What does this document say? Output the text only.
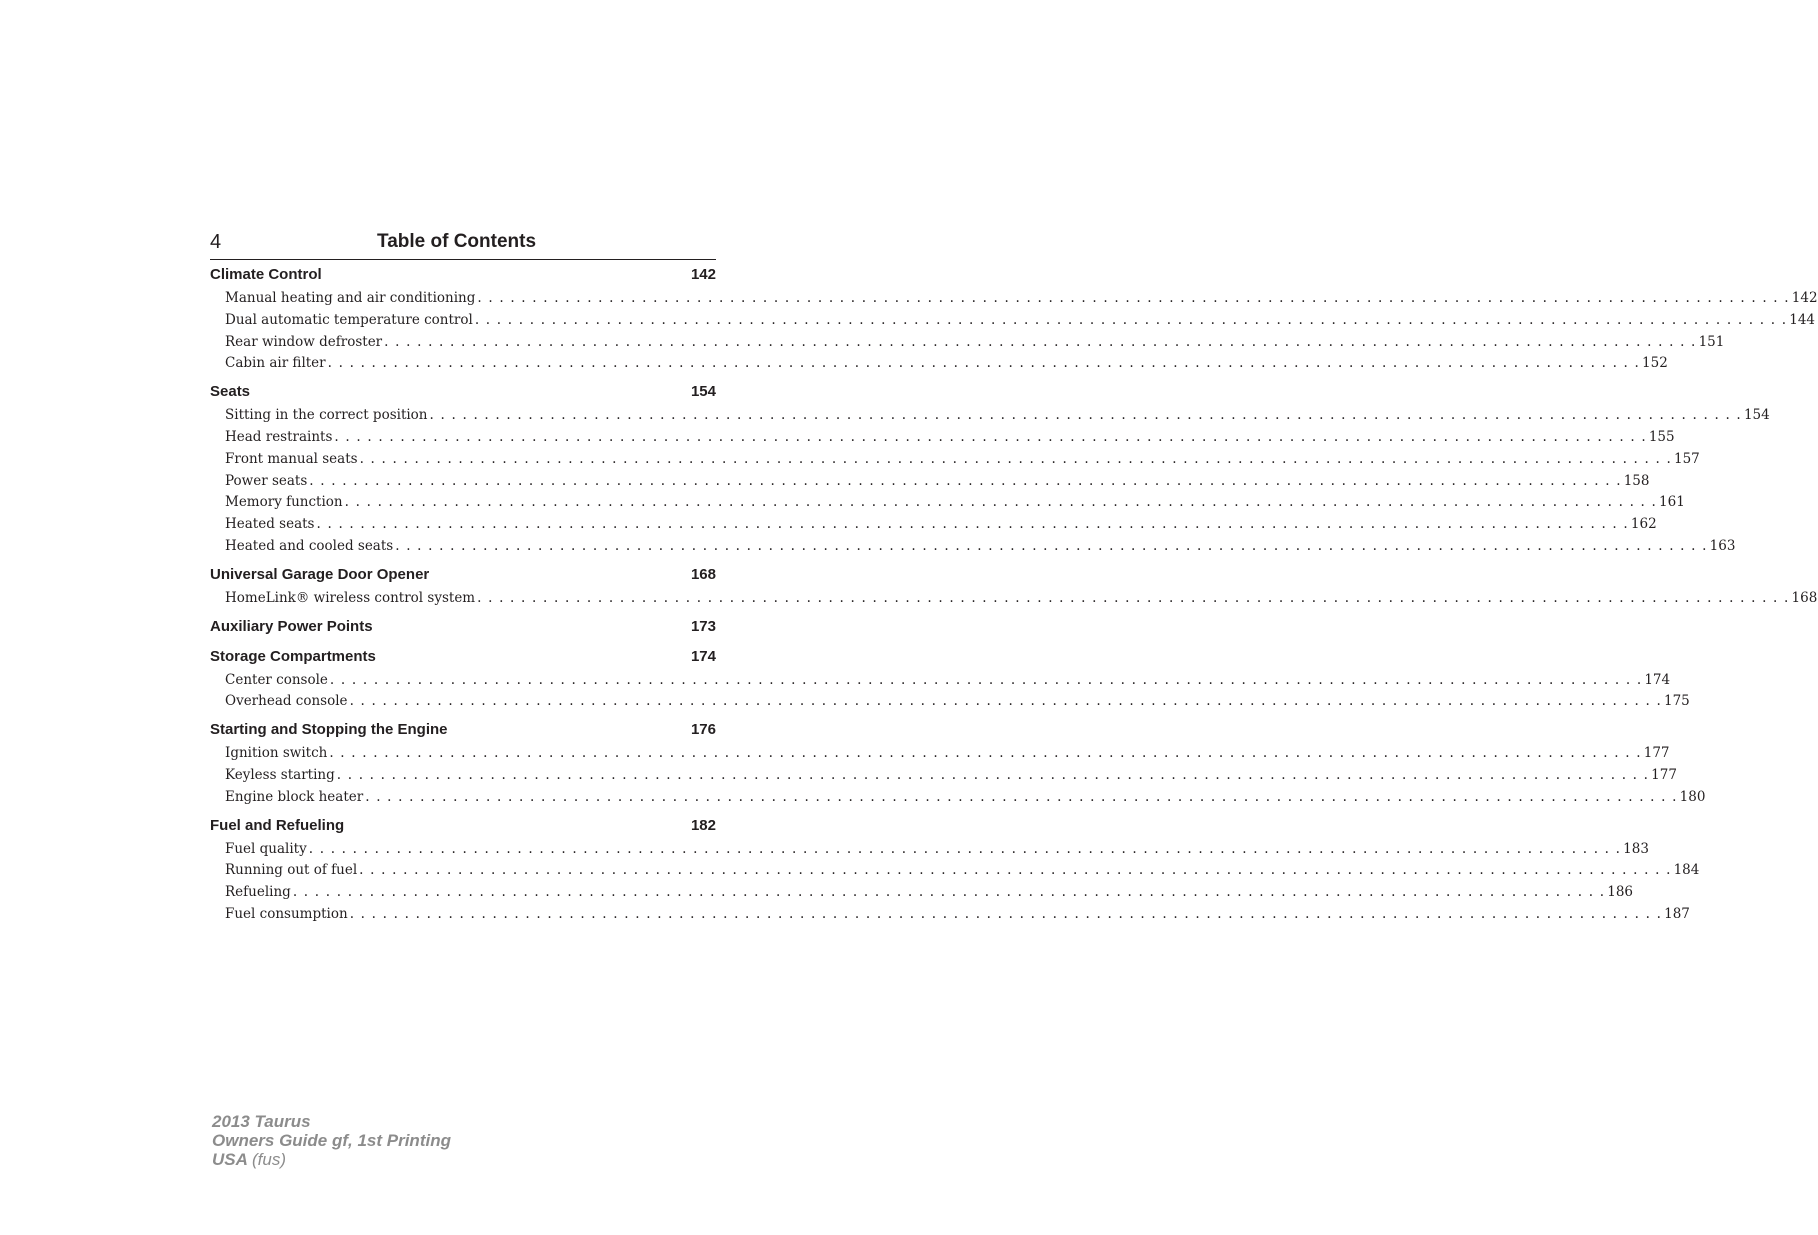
4	Table of Contents
Climate Control	142
Manual heating and air conditioning . . . . . . . . . . . . . . . . . . . . . . . . . . . . . . . . . . . . . . . . . . . . . . . . . . . . . . . . . . . . . . . . . . . . . . . . . . . . . . . . . . . . . . . . . . . . . . . . . . . . . . . . . . . . . . . . . . . . . . . . 142
Dual automatic temperature control . . . . . . . . . . . . . . . . . . . . . . . . . . . . . . . . . . . . . . . . . . . . . . . . . . . . . . . . . . . . . . . . . . . . . . . . . . . . . . . . . . . . . . . . . . . . . . . . . . . . . . . . . . . . . . . . . . . . . . . . 144
Rear window defroster . . . . . . . . . . . . . . . . . . . . . . . . . . . . . . . . . . . . . . . . . . . . . . . . . . . . . . . . . . . . . . . . . . . . . . . . . . . . . . . . . . . . . . . . . . . . . . . . . . . . . . . . . . . . . . . . . . . . . . . . 151
Cabin air filter . . . . . . . . . . . . . . . . . . . . . . . . . . . . . . . . . . . . . . . . . . . . . . . . . . . . . . . . . . . . . . . . . . . . . . . . . . . . . . . . . . . . . . . . . . . . . . . . . . . . . . . . . . . . . . . . . . . . . . . . 152
Seats	154
Sitting in the correct position . . . . . . . . . . . . . . . . . . . . . . . . . . . . . . . . . . . . . . . . . . . . . . . . . . . . . . . . . . . . . . . . . . . . . . . . . . . . . . . . . . . . . . . . . . . . . . . . . . . . . . . . . . . . . . . . . . . . . . . . 154
Head restraints . . . . . . . . . . . . . . . . . . . . . . . . . . . . . . . . . . . . . . . . . . . . . . . . . . . . . . . . . . . . . . . . . . . . . . . . . . . . . . . . . . . . . . . . . . . . . . . . . . . . . . . . . . . . . . . . . . . . . . . . 155
Front manual seats . . . . . . . . . . . . . . . . . . . . . . . . . . . . . . . . . . . . . . . . . . . . . . . . . . . . . . . . . . . . . . . . . . . . . . . . . . . . . . . . . . . . . . . . . . . . . . . . . . . . . . . . . . . . . . . . . . . . . . . . 157
Power seats . . . . . . . . . . . . . . . . . . . . . . . . . . . . . . . . . . . . . . . . . . . . . . . . . . . . . . . . . . . . . . . . . . . . . . . . . . . . . . . . . . . . . . . . . . . . . . . . . . . . . . . . . . . . . . . . . . . . . . . . 158
Memory function . . . . . . . . . . . . . . . . . . . . . . . . . . . . . . . . . . . . . . . . . . . . . . . . . . . . . . . . . . . . . . . . . . . . . . . . . . . . . . . . . . . . . . . . . . . . . . . . . . . . . . . . . . . . . . . . . . . . . . . . 161
Heated seats . . . . . . . . . . . . . . . . . . . . . . . . . . . . . . . . . . . . . . . . . . . . . . . . . . . . . . . . . . . . . . . . . . . . . . . . . . . . . . . . . . . . . . . . . . . . . . . . . . . . . . . . . . . . . . . . . . . . . . . . 162
Heated and cooled seats . . . . . . . . . . . . . . . . . . . . . . . . . . . . . . . . . . . . . . . . . . . . . . . . . . . . . . . . . . . . . . . . . . . . . . . . . . . . . . . . . . . . . . . . . . . . . . . . . . . . . . . . . . . . . . . . . . . . . . . . 163
Universal Garage Door Opener	168
HomeLink® wireless control system . . . . . . . . . . . . . . . . . . . . . . . . . . . . . . . . . . . . . . . . . . . . . . . . . . . . . . . . . . . . . . . . . . . . . . . . . . . . . . . . . . . . . . . . . . . . . . . . . . . . . . . . . . . . . . . . . . . . . . . . 168
Auxiliary Power Points	173
Storage Compartments	174
Center console . . . . . . . . . . . . . . . . . . . . . . . . . . . . . . . . . . . . . . . . . . . . . . . . . . . . . . . . . . . . . . . . . . . . . . . . . . . . . . . . . . . . . . . . . . . . . . . . . . . . . . . . . . . . . . . . . . . . . . . . 174
Overhead console . . . . . . . . . . . . . . . . . . . . . . . . . . . . . . . . . . . . . . . . . . . . . . . . . . . . . . . . . . . . . . . . . . . . . . . . . . . . . . . . . . . . . . . . . . . . . . . . . . . . . . . . . . . . . . . . . . . . . . . . 175
Starting and Stopping the Engine	176
Ignition switch . . . . . . . . . . . . . . . . . . . . . . . . . . . . . . . . . . . . . . . . . . . . . . . . . . . . . . . . . . . . . . . . . . . . . . . . . . . . . . . . . . . . . . . . . . . . . . . . . . . . . . . . . . . . . . . . . . . . . . . . 177
Keyless starting . . . . . . . . . . . . . . . . . . . . . . . . . . . . . . . . . . . . . . . . . . . . . . . . . . . . . . . . . . . . . . . . . . . . . . . . . . . . . . . . . . . . . . . . . . . . . . . . . . . . . . . . . . . . . . . . . . . . . . . . 177
Engine block heater . . . . . . . . . . . . . . . . . . . . . . . . . . . . . . . . . . . . . . . . . . . . . . . . . . . . . . . . . . . . . . . . . . . . . . . . . . . . . . . . . . . . . . . . . . . . . . . . . . . . . . . . . . . . . . . . . . . . . . . . 180
Fuel and Refueling	182
Fuel quality . . . . . . . . . . . . . . . . . . . . . . . . . . . . . . . . . . . . . . . . . . . . . . . . . . . . . . . . . . . . . . . . . . . . . . . . . . . . . . . . . . . . . . . . . . . . . . . . . . . . . . . . . . . . . . . . . . . . . . . . 183
Running out of fuel . . . . . . . . . . . . . . . . . . . . . . . . . . . . . . . . . . . . . . . . . . . . . . . . . . . . . . . . . . . . . . . . . . . . . . . . . . . . . . . . . . . . . . . . . . . . . . . . . . . . . . . . . . . . . . . . . . . . . . . . 184
Refueling . . . . . . . . . . . . . . . . . . . . . . . . . . . . . . . . . . . . . . . . . . . . . . . . . . . . . . . . . . . . . . . . . . . . . . . . . . . . . . . . . . . . . . . . . . . . . . . . . . . . . . . . . . . . . . . . . . . . . . . . 186
Fuel consumption . . . . . . . . . . . . . . . . . . . . . . . . . . . . . . . . . . . . . . . . . . . . . . . . . . . . . . . . . . . . . . . . . . . . . . . . . . . . . . . . . . . . . . . . . . . . . . . . . . . . . . . . . . . . . . . . . . . . . . . . 187
2013 Taurus
Owners Guide gf, 1st Printing
USA (fus)
